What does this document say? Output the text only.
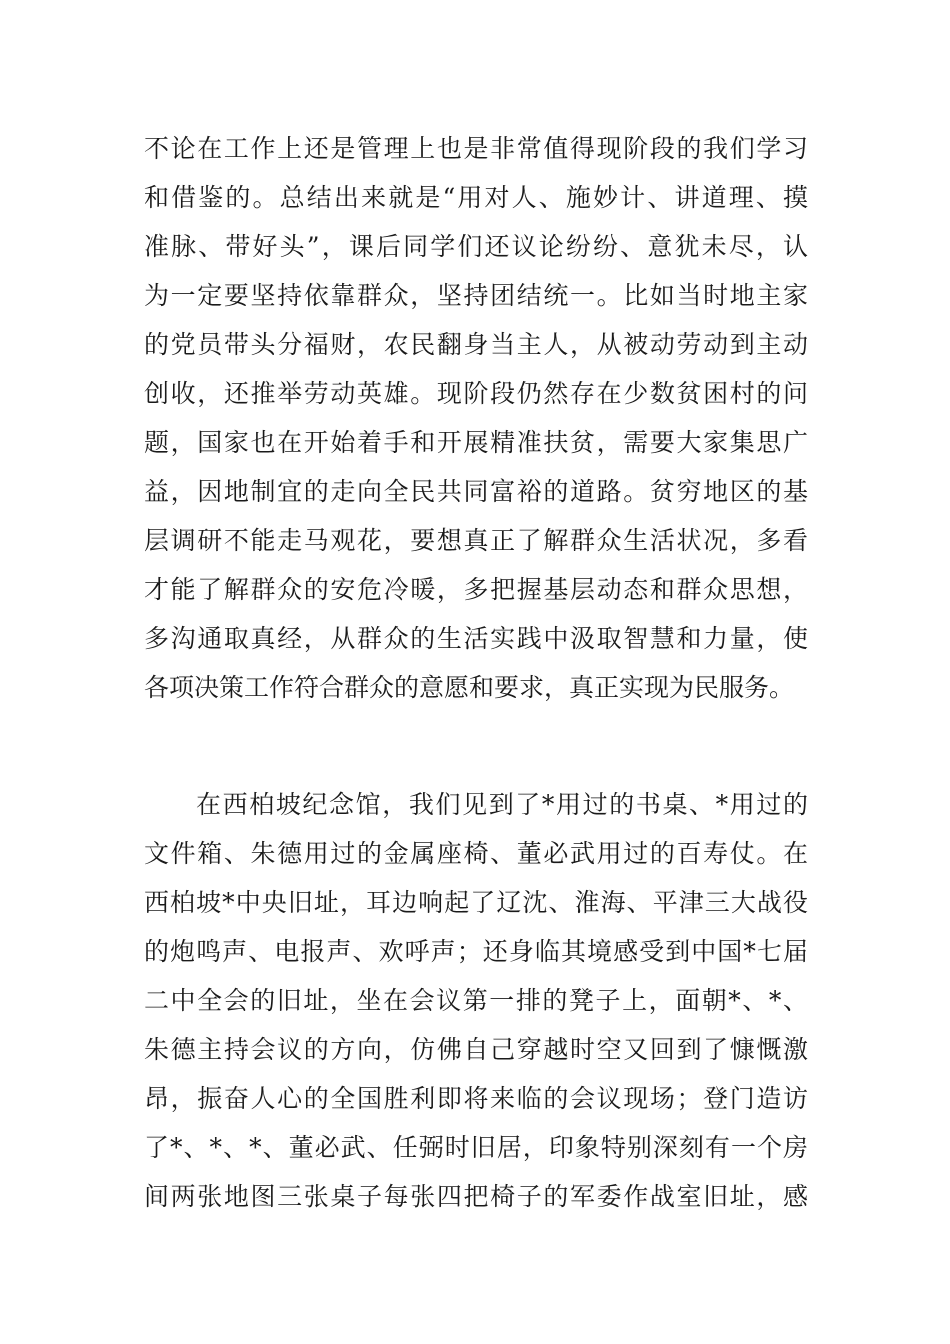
不论在工作上还是管理上也是非常值得现阶段的我们学习
和借鉴的。总结出来就是“用对人、施妙计、讲道理、摸
准脉、带好头”，课后同学们还议论纷纷、意犹未尽，认
为一定要坚持依靠群众，坚持团结统一。比如当时地主家
的党员带头分福财，农民翻身当主人，从被动劳动到主动
创收，还推举劳动英雄。现阶段仍然存在少数贫困村的问
题，国家也在开始着手和开展精准扶贫，需要大家集思广
益，因地制宜的走向全民共同富裕的道路。贫穷地区的基
层调研不能走马观花，要想真正了解群众生活状况，多看
才能了解群众的安危冷暖，多把握基层动态和群众思想，
多沟通取真经，从群众的生活实践中汲取智慧和力量，使
各项决策工作符合群众的意愿和要求，真正实现为民服务。
在西柏坡纪念馆，我们见到了*用过的书桌、*用过的
文件箱、朱德用过的金属座椅、董必武用过的百寿仗。在
西柏坡*中央旧址，耳边响起了辽沈、淮海、平津三大战役
的炮鸣声、电报声、欢呼声；还身临其境感受到中国*七届
二中全会的旧址，坐在会议第一排的凳子上，面朝*、*、
朱德主持会议的方向，仿佛自己穿越时空又回到了慷慨激
昂，振奋人心的全国胜利即将来临的会议现场；登门造访
了*、*、*、董必武、任弼时旧居，印象特别深刻有一个房
间两张地图三张桌子每张四把椅子的军委作战室旧址，感
